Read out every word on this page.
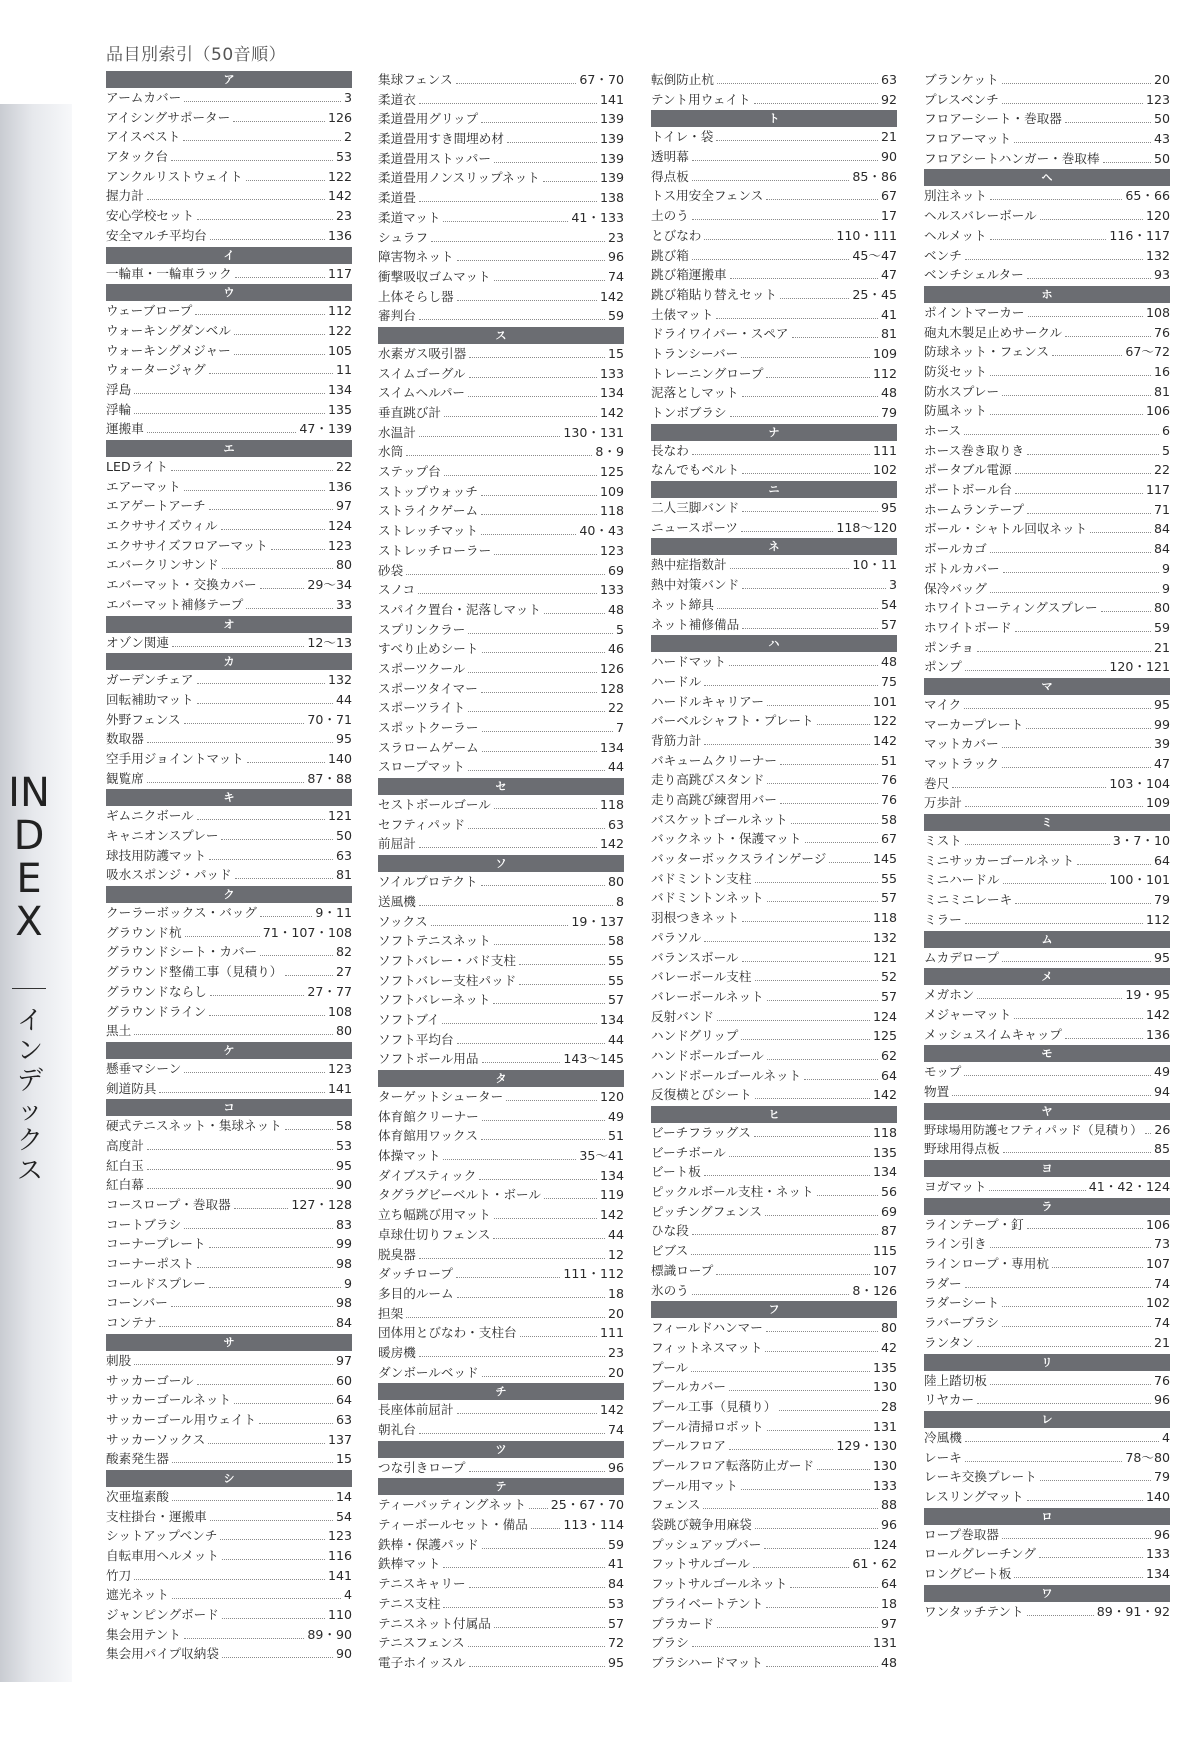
INDEX
インデックス
品目別索引（50音順）
ア
アームカバー	3
アイシングサポーター	126
アイスベスト	2
アタック台	53
アンクルリストウェイト	122
握力計	142
安心学校セット	23
安全マルチ平均台	136
イ
一輪車・一輪車ラック	117
ウ
ウェーブロープ	112
ウォーキングダンベル	122
ウォーキングメジャー	105
ウォータージャグ	11
浮島	134
浮輪	135
運搬車	47・139
エ
LEDライト	22
エアーマット	136
エアゲートアーチ	97
エクササイズウィル	124
エクササイズフロアーマット	123
エバークリンサンド	80
エバーマット・交換カバー	29〜34
エバーマット補修テープ	33
オ
オゾン関連	12〜13
カ
ガーデンチェア	132
回転補助マット	44
外野フェンス	70・71
数取器	95
空手用ジョイントマット	140
観覧席	87・88
キ
ギムニクボール	121
キャニオンスプレー	50
球技用防護マット	63
吸水スポンジ・パッド	81
ク
クーラーボックス・バッグ	9・11
グラウンド杭	71・107・108
グラウンドシート・カバー	82
グラウンド整備工事（見積り）	27
グラウンドならし	27・77
グラウンドライン	108
黒土	80
ケ
懸垂マシーン	123
剣道防具	141
コ
硬式テニスネット・集球ネット	58
高度計	53
紅白玉	95
紅白幕	90
コースロープ・巻取器	127・128
コートブラシ	83
コーナープレート	99
コーナーポスト	98
コールドスプレー	9
コーンバー	98
コンテナ	84
サ
刺股	97
サッカーゴール	60
サッカーゴールネット	64
サッカーゴール用ウェイト	63
サッカーソックス	137
酸素発生器	15
シ
次亜塩素酸	14
支柱掛台・運搬車	54
シットアップベンチ	123
自転車用ヘルメット	116
竹刀	141
遮光ネット	4
ジャンピングボード	110
集会用テント	89・90
集会用パイプ収納袋	90
集球フェンス	67・70
柔道衣	141
柔道畳用グリップ	139
柔道畳用すき間埋め材	139
柔道畳用ストッパー	139
柔道畳用ノンスリップネット	139
柔道畳	138
柔道マット	41・133
シュラフ	23
障害物ネット	96
衝撃吸収ゴムマット	74
上体そらし器	142
審判台	59
ス
水素ガス吸引器	15
スイムゴーグル	133
スイムヘルパー	134
垂直跳び計	142
水温計	130・131
水筒	8・9
ステップ台	125
ストップウォッチ	109
ストライクゲーム	118
ストレッチマット	40・43
ストレッチローラー	123
砂袋	69
スノコ	133
スパイク置台・泥落しマット	48
スプリンクラー	5
すべり止めシート	46
スポーツクール	126
スポーツタイマー	128
スポーツライト	22
スポットクーラー	7
スラロームゲーム	134
スロープマット	44
セ
セストボールゴール	118
セフティパッド	63
前屈計	142
ソ
ソイルプロテクト	80
送風機	8
ソックス	19・137
ソフトテニスネット	58
ソフトバレー・バド支柱	55
ソフトバレー支柱パッド	55
ソフトバレーネット	57
ソフトブイ	134
ソフト平均台	44
ソフトボール用品	143〜145
タ
ターゲットシューター	120
体育館クリーナー	49
体育館用ワックス	51
体操マット	35〜41
ダイブスティック	134
タグラグビーベルト・ボール	119
立ち幅跳び用マット	142
卓球仕切りフェンス	44
脱臭器	12
ダッチロープ	111・112
多目的ルーム	18
担架	20
団体用とびなわ・支柱台	111
暖房機	23
ダンボールベッド	20
チ
長座体前屈計	142
朝礼台	74
ツ
つな引きロープ	96
テ
ティーバッティングネット 25・67・70
ティーボールセット・備品	113・114
鉄棒・保護パッド	59
鉄棒マット	41
テニスキャリー	84
テニス支柱	53
テニスネット付属品	57
テニスフェンス	72
電子ホイッスル	95
転倒防止杭	63
テント用ウェイト	92
ト
トイレ・袋	21
透明幕	90
得点板	85・86
トス用安全フェンス	67
土のう	17
とびなわ	110・111
跳び箱	45〜47
跳び箱運搬車	47
跳び箱貼り替えセット	25・45
土俵マット	41
ドライワイパー・スペア	81
トランシーバー	109
トレーニングロープ	112
泥落としマット	48
トンボブラシ	79
ナ
長なわ	111
なんでもベルト	102
ニ
二人三脚バンド	95
ニュースポーツ	118〜120
ネ
熱中症指数計	10・11
熱中対策バンド	3
ネット締具	54
ネット補修備品	57
ハ
ハードマット	48
ハードル	75
ハードルキャリアー	101
バーベルシャフト・プレート	122
背筋力計	142
バキュームクリーナー	51
走り高跳びスタンド	76
走り高跳び練習用バー	76
バスケットゴールネット	58
バックネット・保護マット	67
バッターボックスラインゲージ	145
バドミントン支柱	55
バドミントンネット	57
羽根つきネット	118
パラソル	132
バランスボール	121
バレーボール支柱	52
バレーボールネット	57
反射バンド	124
ハンドグリップ	125
ハンドボールゴール	62
ハンドボールゴールネット	64
反復横とびシート	142
ヒ
ビーチフラッグス	118
ビーチボール	135
ビート板	134
ピックルボール支柱・ネット	56
ピッチングフェンス	69
ひな段	87
ビブス	115
標識ロープ	107
氷のう	8・126
フ
フィールドハンマー	80
フィットネスマット	42
プール	135
プールカバー	130
プール工事（見積り）	28
プール清掃ロボット	131
プールフロア	129・130
プールフロア転落防止ガード	130
プール用マット	133
フェンス	88
袋跳び競争用麻袋	96
プッシュアップバー	124
フットサルゴール	61・62
フットサルゴールネット	64
プライベートテント	18
プラカード	97
ブラシ	131
ブラシハードマット	48
ブランケット	20
プレスベンチ	123
フロアーシート・巻取器	50
フロアーマット	43
フロアシートハンガー・巻取棒	50
ヘ
別注ネット	65・66
ヘルスバレーボール	120
ヘルメット	116・117
ベンチ	132
ベンチシェルター	93
ホ
ポイントマーカー	108
砲丸木製足止めサークル	76
防球ネット・フェンス	67〜72
防災セット	16
防水スプレー	81
防風ネット	106
ホース	6
ホース巻き取りき	5
ポータブル電源	22
ポートボール台	117
ホームランテープ	71
ボール・シャトル回収ネット	84
ボールカゴ	84
ボトルカバー	9
保冷バッグ	9
ホワイトコーティングスプレー	80
ホワイトボード	59
ポンチョ	21
ポンプ	120・121
マ
マイク	95
マーカープレート	99
マットカバー	39
マットラック	47
巻尺	103・104
万歩計	109
ミ
ミスト	3・7・10
ミニサッカーゴールネット	64
ミニハードル	100・101
ミニミニレーキ	79
ミラー	112
ム
ムカデロープ	95
メ
メガホン	19・95
メジャーマット	142
メッシュスイムキャップ	136
モ
モップ	49
物置	94
ヤ
野球場用防護セフティパッド（見積り） 26
野球用得点板	85
ヨ
ヨガマット	41・42・124
ラ
ラインテープ・釘	106
ライン引き	73
ラインロープ・専用杭	107
ラダー	74
ラダーシート	102
ラバーブラシ	74
ランタン	21
リ
陸上踏切板	76
リヤカー	96
レ
冷風機	4
レーキ	78〜80
レーキ交換プレート	79
レスリングマット	140
ロ
ロープ巻取器	96
ロールグレーチング	133
ロングビート板	134
ワ
ワンタッチテント	89・91・92
